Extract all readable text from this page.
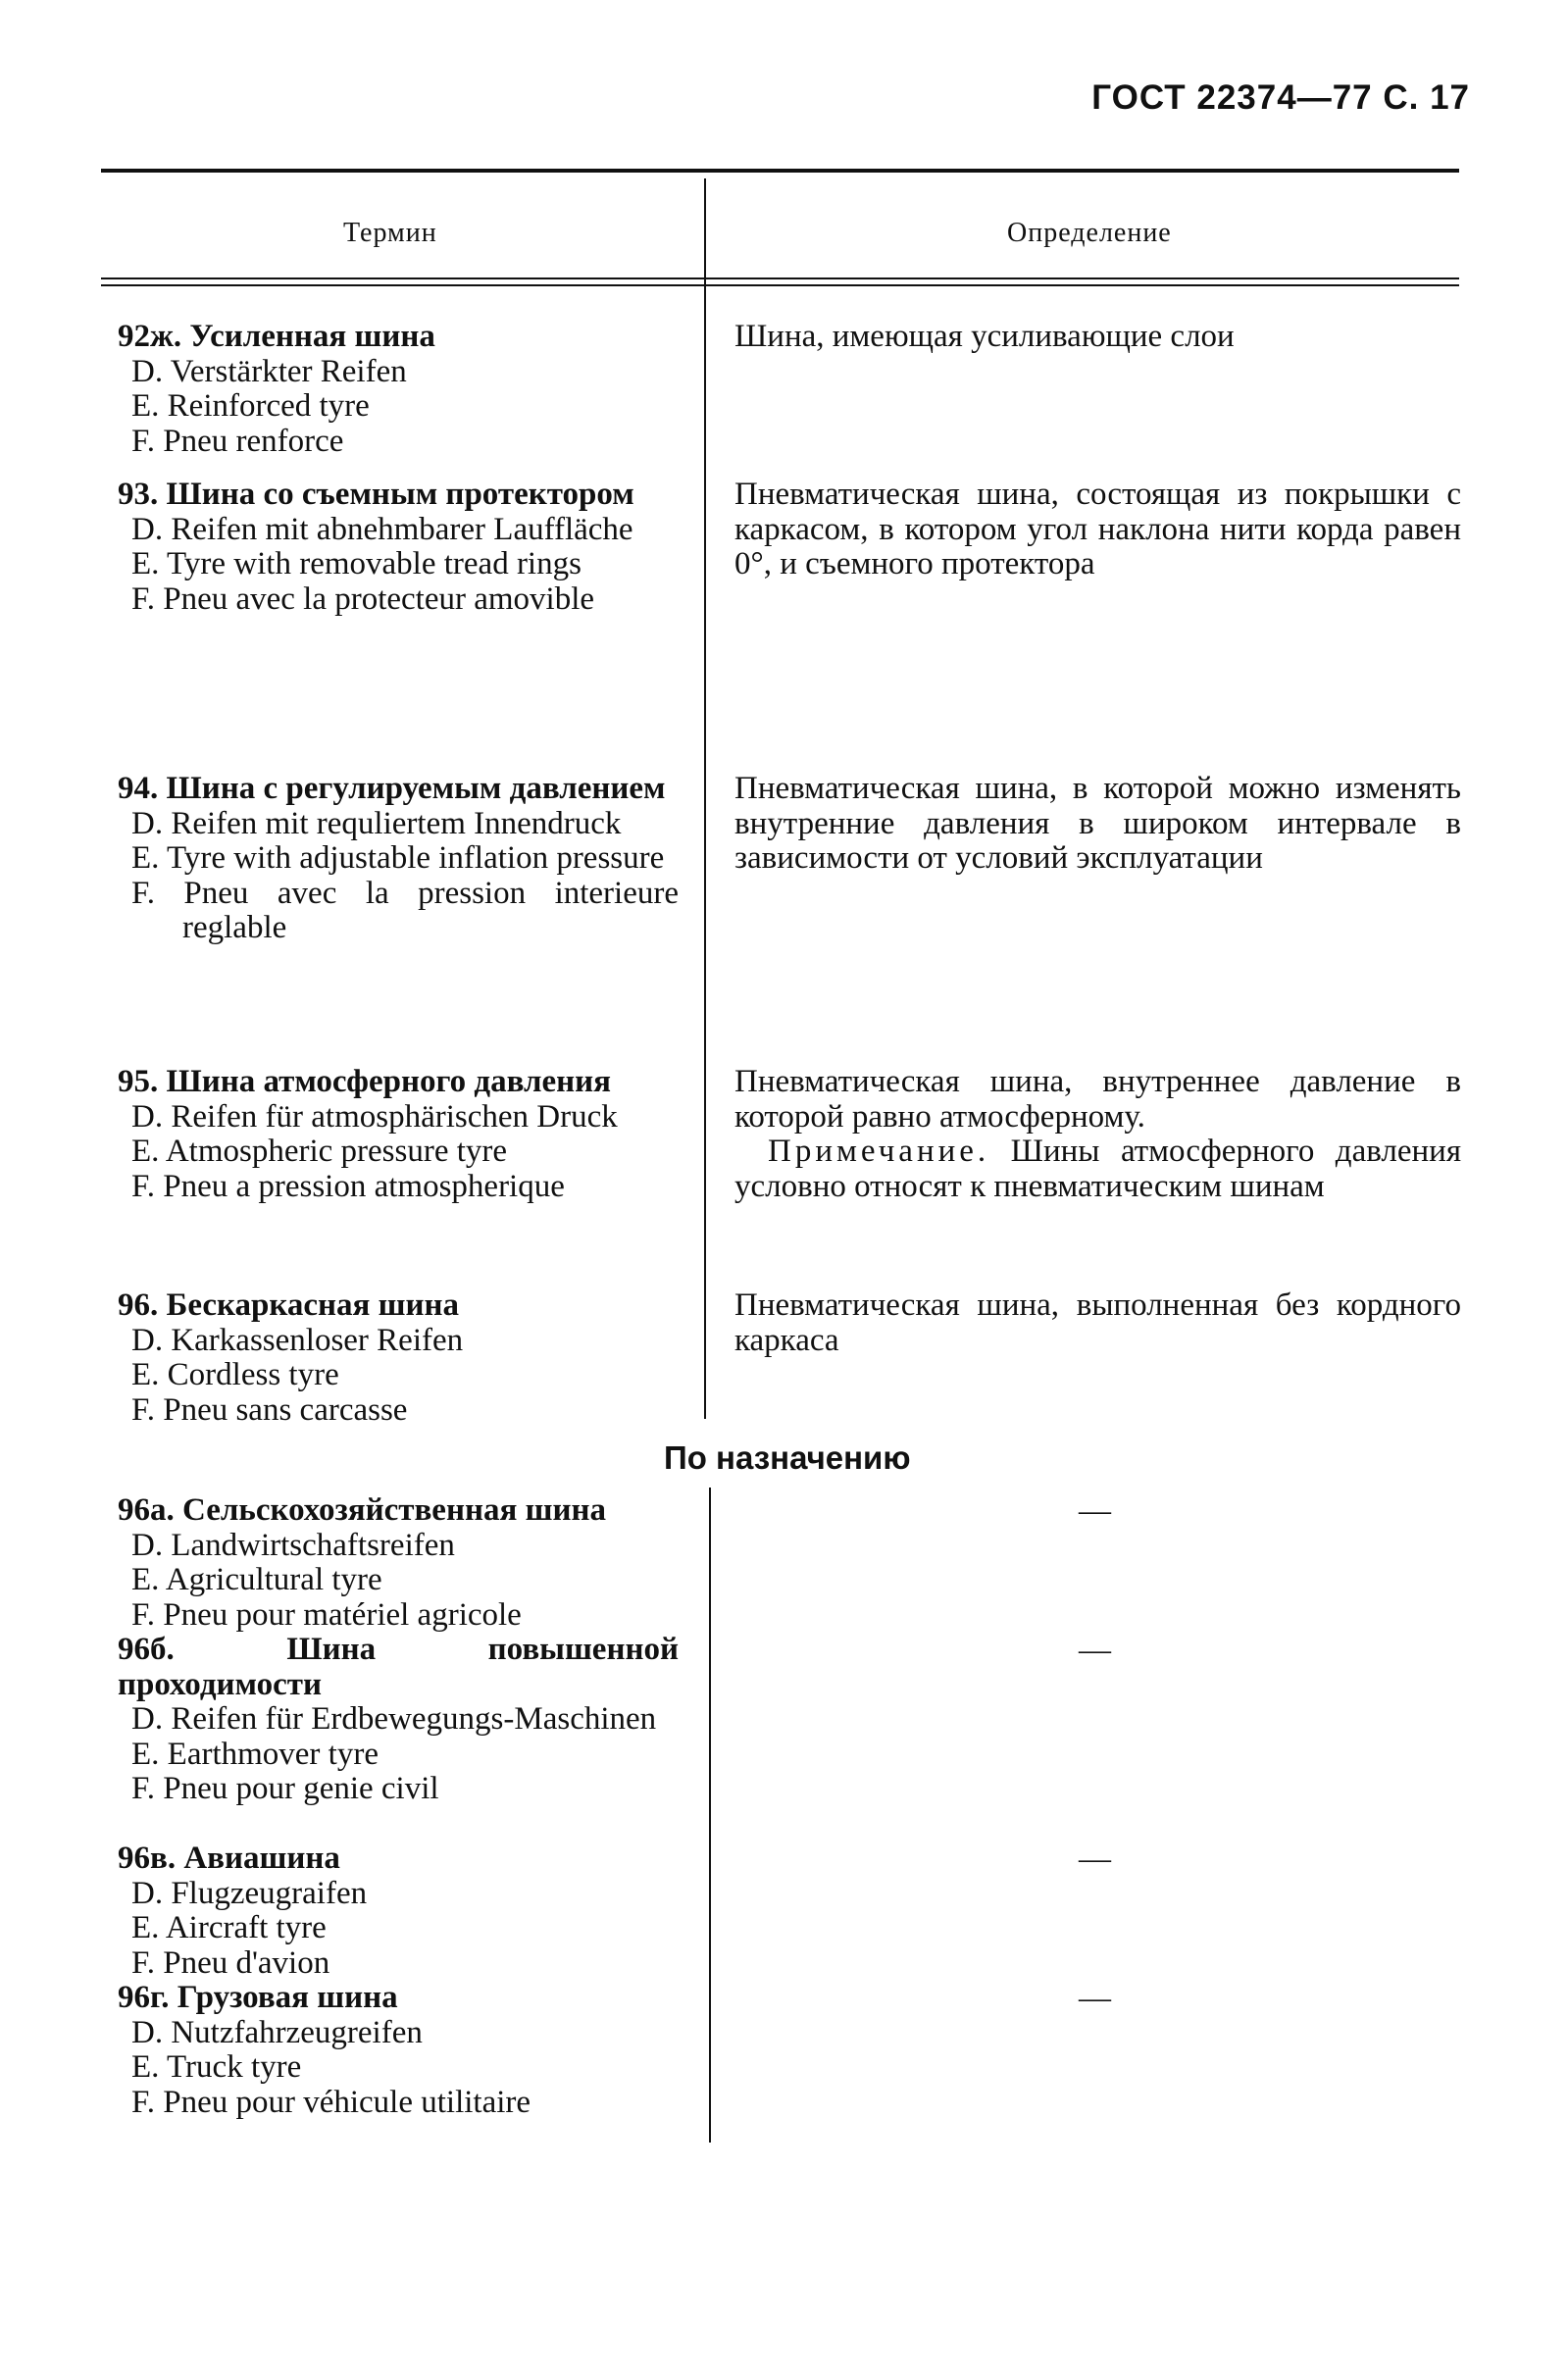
ГОСТ 22374—77 С. 17
Термин	Определение
92ж. Усиленная шина
D. Verstärkter Reifen
E. Reinforced tyre
F. Pneu renforce

Шина, имеющая усиливающие слои

93. Шина со съемным протектором
D. Reifen mit abnehmbarer Lauffläche
E. Tyre with removable tread rings
F. Pneu avec la protecteur amovible

Пневматическая шина, состоящая из покрышки с каркасом, в котором угол наклона нити корда равен 0°, и съемного протектора

94. Шина с регулируемым давлением
D. Reifen mit requliertem Innendruck
E. Tyre with adjustable inflation pressure
F. Pneu avec la pression interieure reglable

Пневматическая шина, в которой можно изменять внутренние давления в широком интервале в зависимости от условий эксплуатации

95. Шина атмосферного давления
D. Reifen für atmosphärischen Druck
E. Atmospheric pressure tyre
F. Pneu a pression atmospherique

Пневматическая шина, внутреннее давление в которой равно атмосферному.

Примечание. Шины атмосферного давления условно относят к пневматическим шинам

96. Бескаркасная шина
D. Karkassenloser Reifen
E. Cordless tyre
F. Pneu sans carcasse

Пневматическая шина, выполненная без кордного каркаса

По назначению
96а. Сельскохозяйственная шина
D. Landwirtschaftsreifen
E. Agricultural tyre
F. Pneu pour matériel agricole
—
96б. Шина повышенной проходимости
D. Reifen für Erdbewegungs-Maschinen
E. Earthmover tyre
F. Pneu pour genie civil
—
96в. Авиашина
D. Flugzeugraifen
E. Aircraft tyre
F. Pneu d'avion
—
96г. Грузовая шина
D. Nutzfahrzeugreifen
E. Truck tyre
F. Pneu pour véhicule utilitaire
—
